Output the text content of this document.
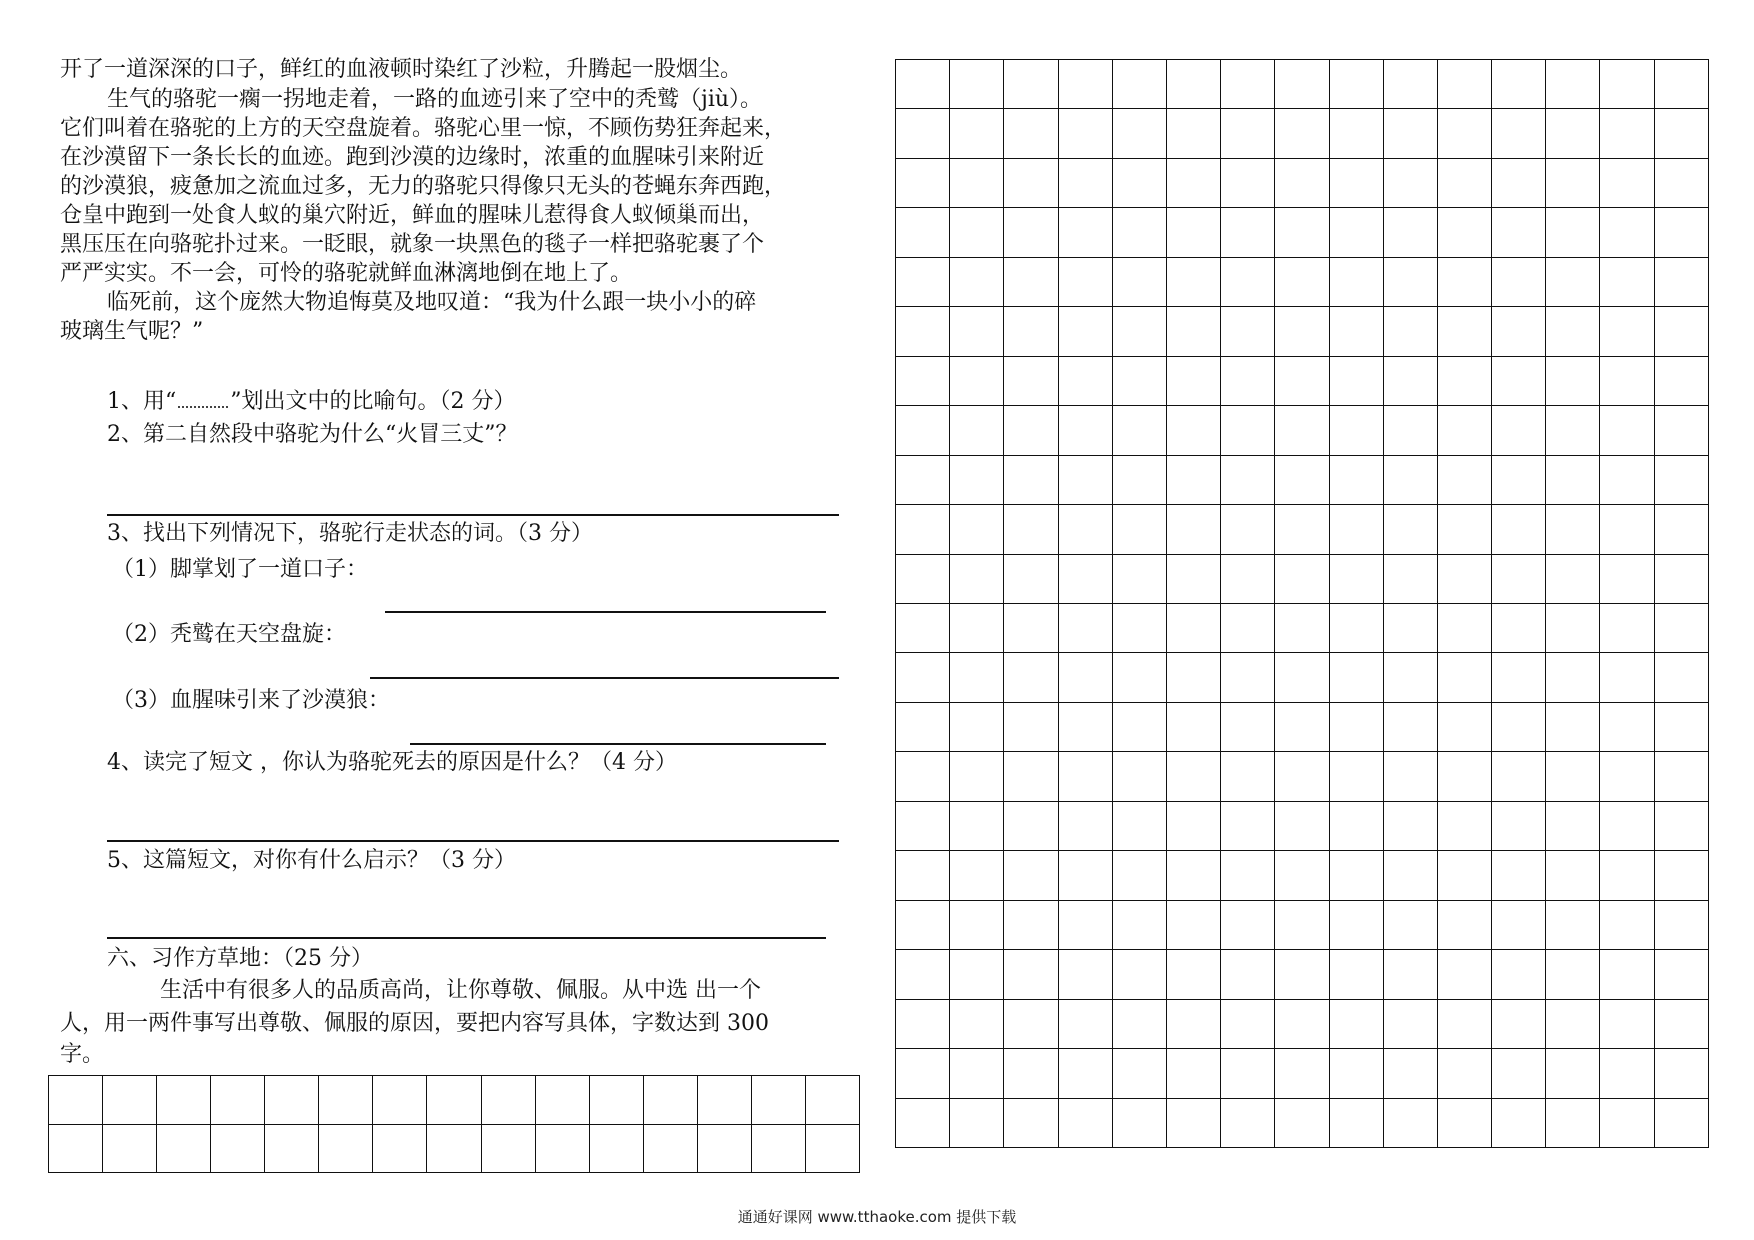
开了一道深深的口子，鲜红的血液顿时染红了沙粒，升腾起一股烟尘。
生气的骆驼一瘸一拐地走着，一路的血迹引来了空中的秃鹫（jiù）。
它们叫着在骆驼的上方的天空盘旋着。骆驼心里一惊，不顾伤势狂奔起来，
在沙漠留下一条长长的血迹。跑到沙漠的边缘时，浓重的血腥味引来附近
的沙漠狼，疲惫加之流血过多，无力的骆驼只得像只无头的苍蝇东奔西跑，
仓皇中跑到一处食人蚁的巢穴附近，鲜血的腥味儿惹得食人蚁倾巢而出，
黑压压在向骆驼扑过来。一眨眼，就象一块黑色的毯子一样把骆驼裹了个
严严实实。不一会，可怜的骆驼就鲜血淋漓地倒在地上了。
临死前，这个庞然大物追悔莫及地叹道：“我为什么跟一块小小的碎
玻璃生气呢？”
1、用“ ”划出文中的比喻句。（2 分）
2、第二自然段中骆驼为什么“火冒三丈”？
3、找出下列情况下，骆驼行走状态的词。（3 分）
（1）脚掌划了一道口子：
（2）秃鹫在天空盘旋：
（3）血腥味引来了沙漠狼：
4、读完了短文 ，你认为骆驼死去的原因是什么？（4 分）
5、这篇短文，对你有什么启示？（3 分）
六、习作方草地：（25 分）
生活中有很多人的品质高尚，让你尊敬、佩服。从中选 出一个
人，用一两件事写出尊敬、佩服的原因，要把内容写具体，字数达到 300
字。

通通好课网 www.tthaoke.com 提供下载
